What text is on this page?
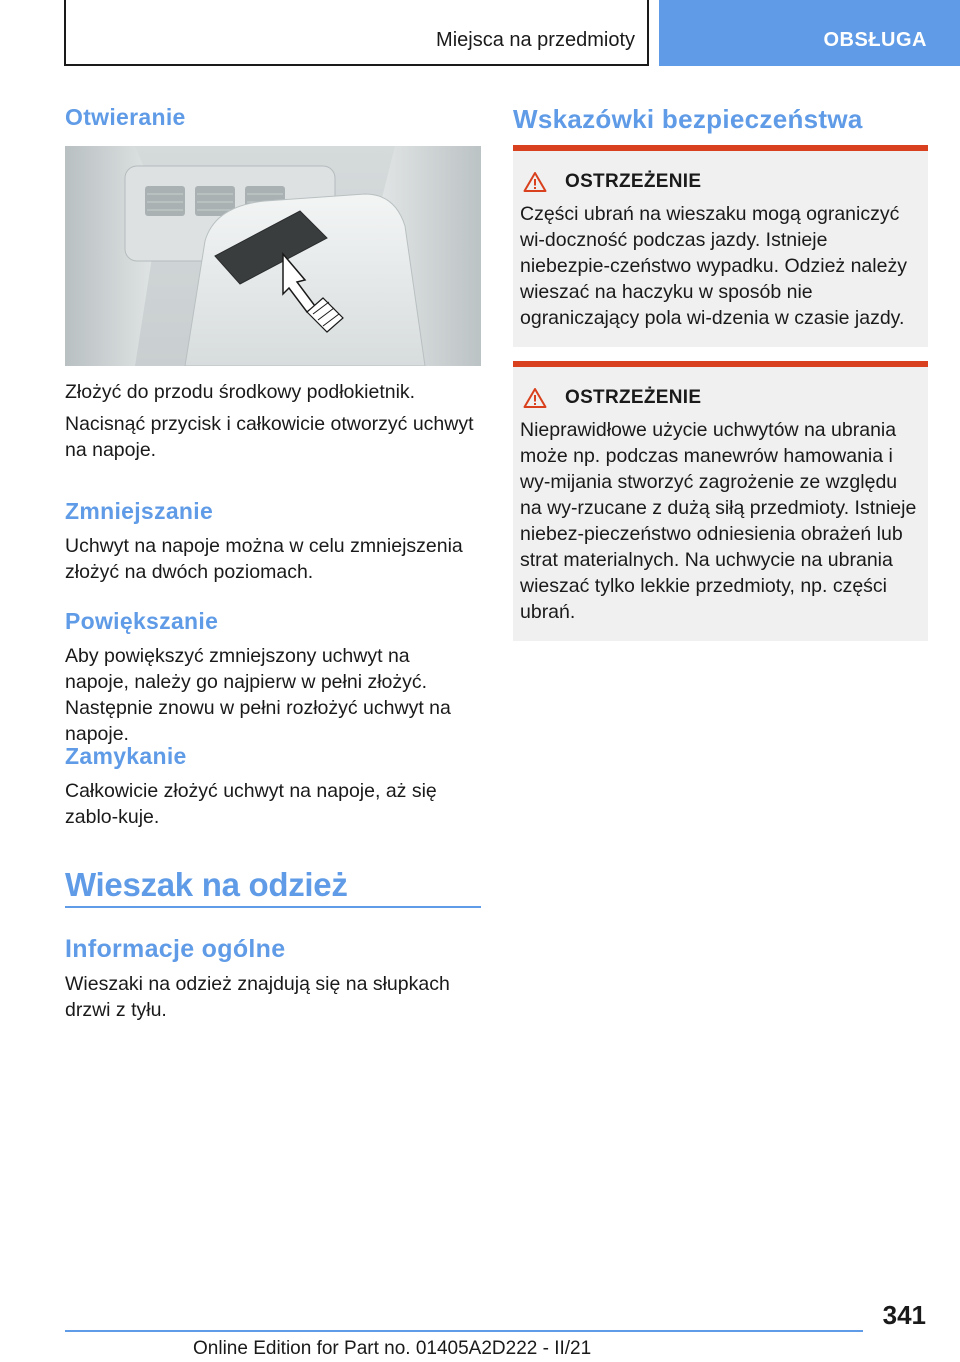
Miejsca na przedmioty	OBSŁUGA
Otwieranie
Złożyć do przodu środkowy podłokietnik.
Nacisnąć przycisk i całkowicie otworzyć uchwyt na napoje.
Zmniejszanie
Uchwyt na napoje można w celu zmniejszenia złożyć na dwóch poziomach.
Powiększanie
Aby powiększyć zmniejszony uchwyt na napoje, należy go najpierw w pełni złożyć. Następnie znowu w pełni rozłożyć uchwyt na napoje.
Zamykanie
Całkowicie złożyć uchwyt na napoje, aż się zablo-kuje.
Wieszak na odzież
Informacje ogólne
Wieszaki na odzież znajdują się na słupkach drzwi z tyłu.
Wskazówki bezpieczeństwa
OSTRZEŻENIE
Części ubrań na wieszaku mogą ograniczyć wi-doczność podczas jazdy. Istnieje niebezpie-czeństwo wypadku. Odzież należy wieszać na haczyku w sposób nie ograniczający pola wi-dzenia w czasie jazdy.
OSTRZEŻENIE
Nieprawidłowe użycie uchwytów na ubrania może np. podczas manewrów hamowania i wy-mijania stworzyć zagrożenie ze względu na wy-rzucane z dużą siłą przedmioty. Istnieje niebez-pieczeństwo odniesienia obrażeń lub strat materialnych. Na uchwycie na ubrania wieszać tylko lekkie przedmioty, np. części ubrań.
341
Online Edition for Part no. 01405A2D222 - II/21
